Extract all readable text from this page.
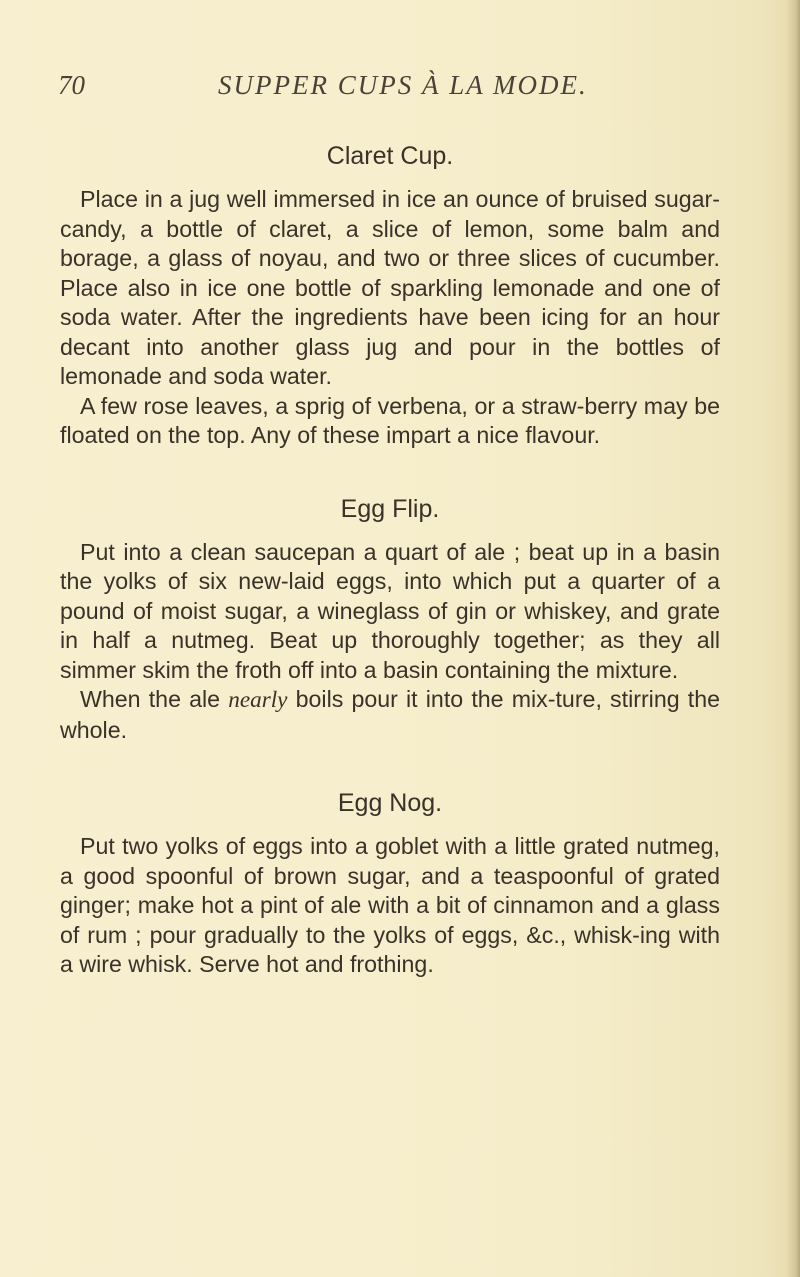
70	SUPPER CUPS À LA MODE.
Claret Cup.

Place in a jug well immersed in ice an ounce of bruised sugar-candy, a bottle of claret, a slice of lemon, some balm and borage, a glass of noyau, and two or three slices of cucumber. Place also in ice one bottle of sparkling lemonade and one of soda water. After the ingredients have been icing for an hour decant into another glass jug and pour in the bottles of lemonade and soda water.

A few rose leaves, a sprig of verbena, or a straw-berry may be floated on the top. Any of these impart a nice flavour.

Egg Flip.

Put into a clean saucepan a quart of ale ; beat up in a basin the yolks of six new-laid eggs, into which put a quarter of a pound of moist sugar, a wineglass of gin or whiskey, and grate in half a nutmeg. Beat up thoroughly together; as they all simmer skim the froth off into a basin containing the mixture.

When the ale nearly boils pour it into the mix-ture, stirring the whole.

Egg Nog.

Put two yolks of eggs into a goblet with a little grated nutmeg, a good spoonful of brown sugar, and a teaspoonful of grated ginger; make hot a pint of ale with a bit of cinnamon and a glass of rum ; pour gradually to the yolks of eggs, &c., whisk-ing with a wire whisk. Serve hot and frothing.
